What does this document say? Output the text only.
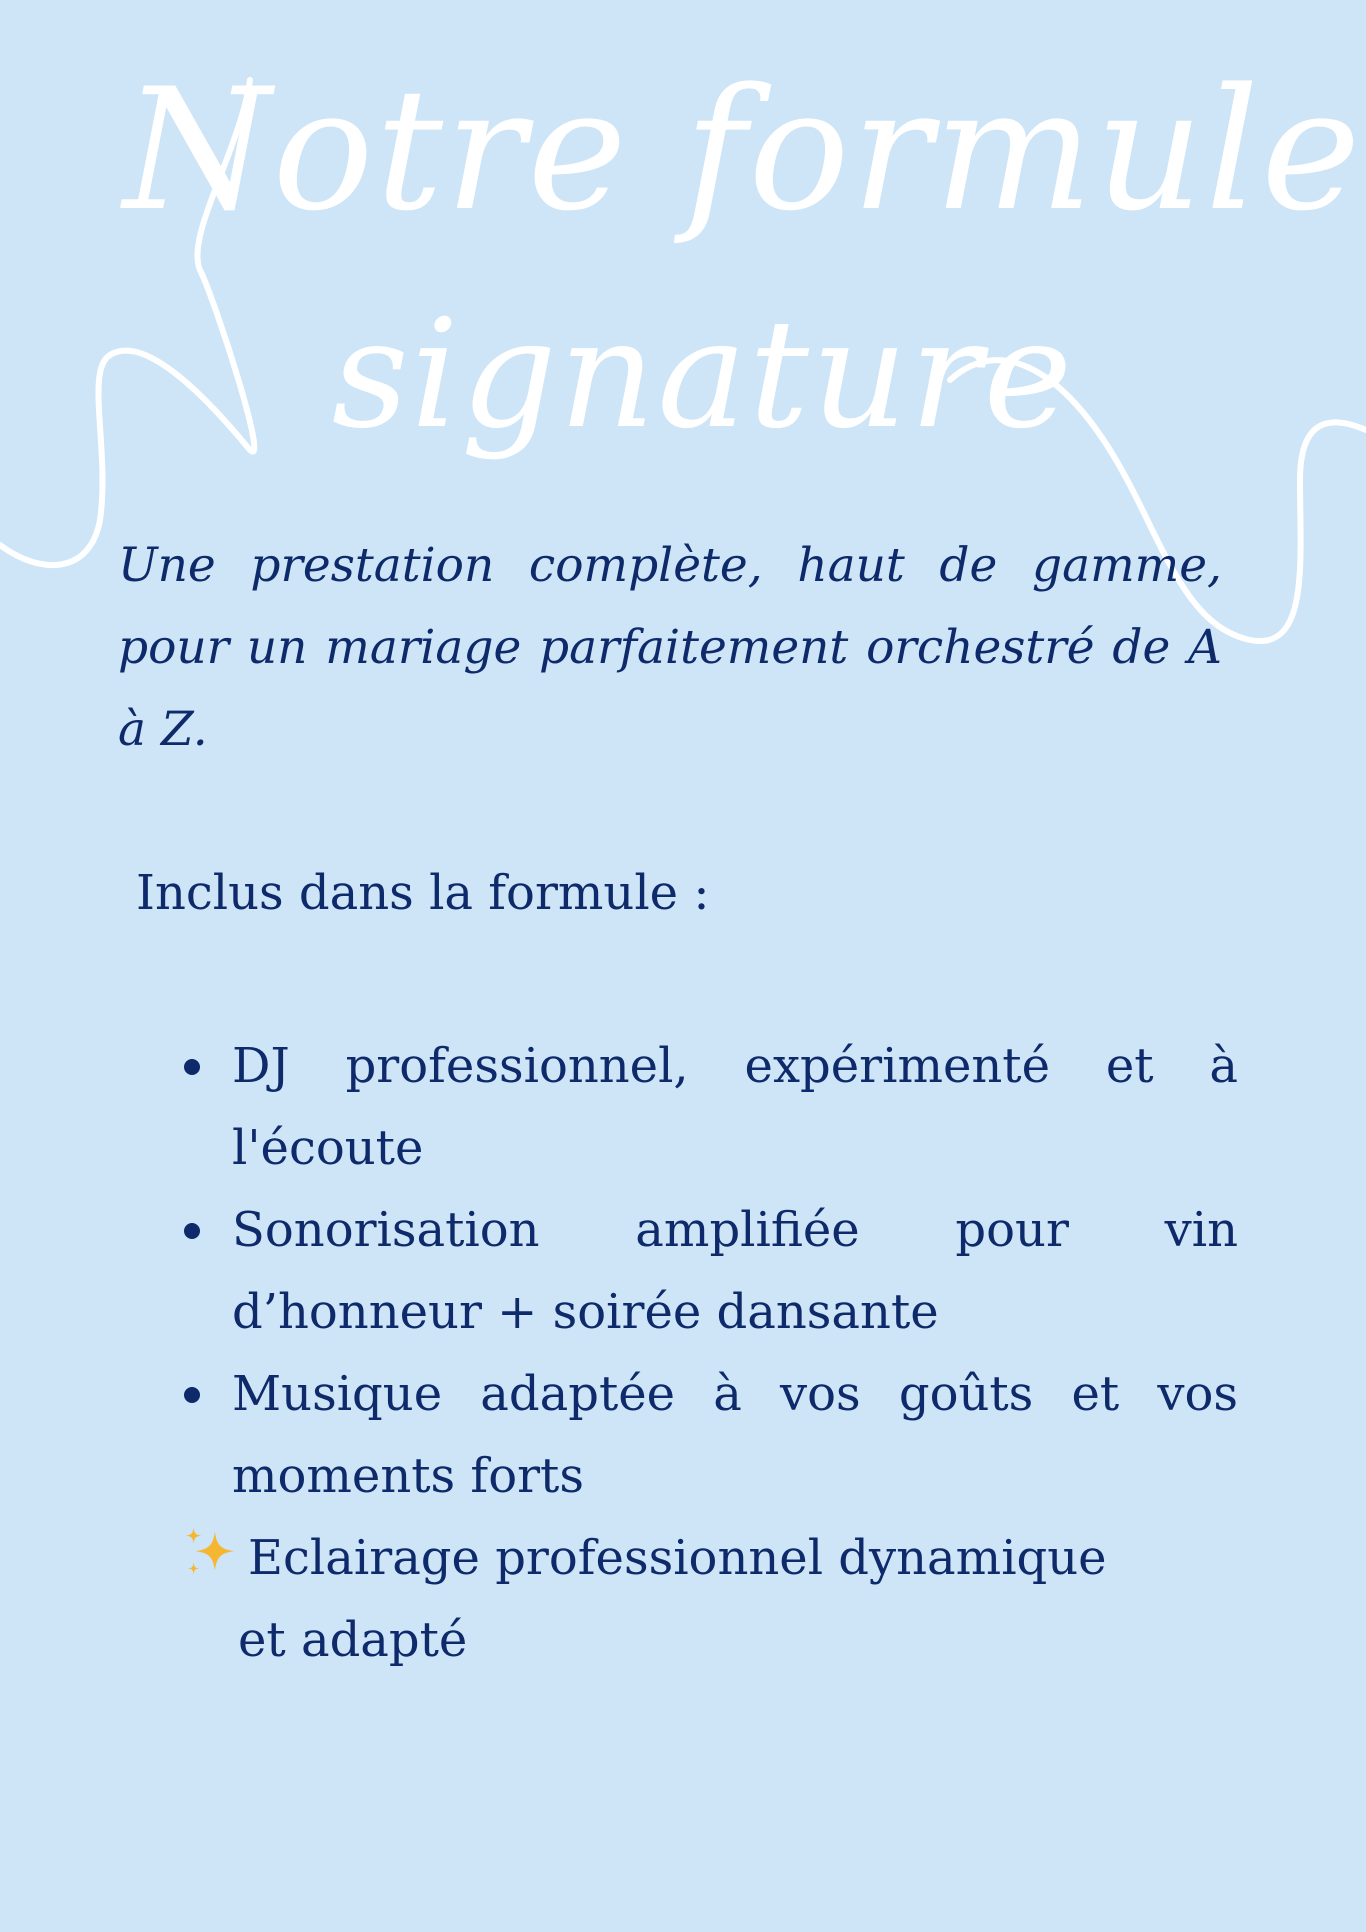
Notre formule
signature

Une prestation complète, haut de gamme, pour un mariage parfaitement orchestré de A à Z.

Inclus dans la formule :
DJ professionnel, expérimenté et à l'écoute
Sonorisation amplifiée pour vin d’honneur + soirée dansante
Musique adaptée à vos goûts et vos moments forts
Eclairage professionnel dynamique
et adapté
